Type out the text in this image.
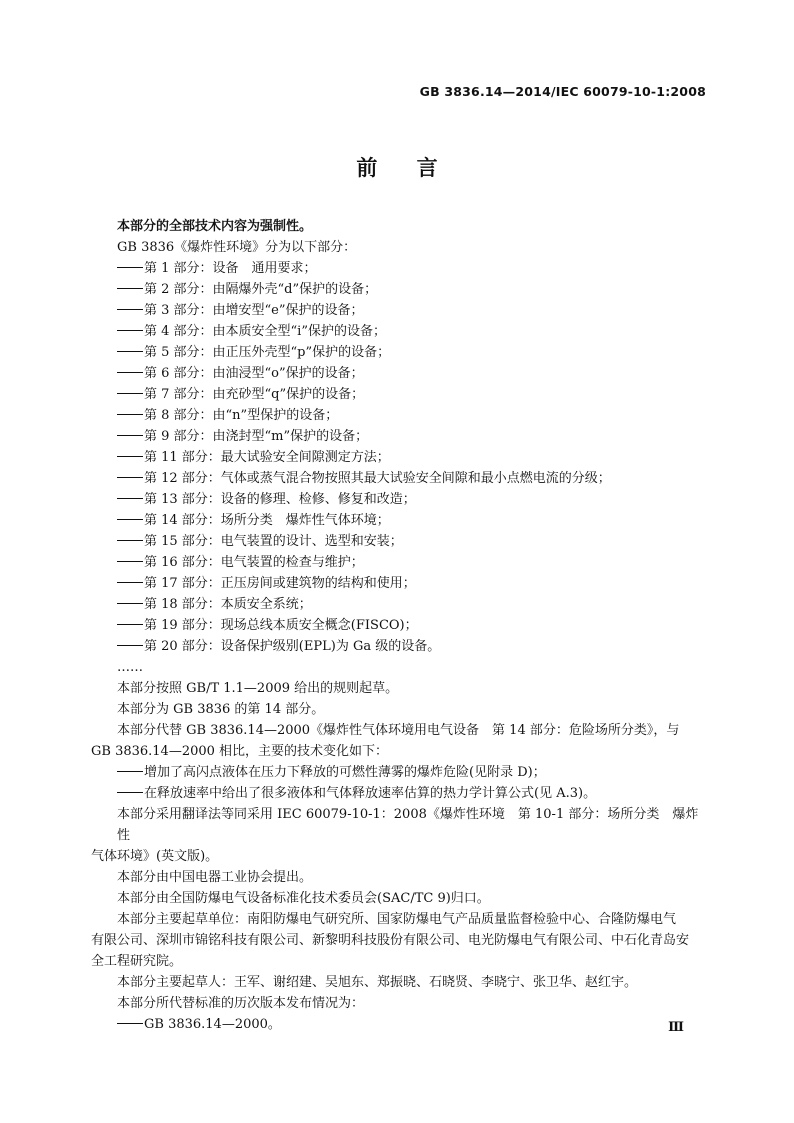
GB 3836.14—2014/IEC 60079-10-1:2008
前 言

本部分的全部技术内容为强制性。

GB 3836《爆炸性环境》分为以下部分：

第 1 部分：设备　通用要求；

第 2 部分：由隔爆外壳“d”保护的设备；

第 3 部分：由增安型“e”保护的设备；

第 4 部分：由本质安全型“i”保护的设备；

第 5 部分：由正压外壳型“p”保护的设备；

第 6 部分：由油浸型“o”保护的设备；

第 7 部分：由充砂型“q”保护的设备；

第 8 部分：由“n”型保护的设备；

第 9 部分：由浇封型“m”保护的设备；

第 11 部分：最大试验安全间隙测定方法；

第 12 部分：气体或蒸气混合物按照其最大试验安全间隙和最小点燃电流的分级；

第 13 部分：设备的修理、检修、修复和改造；

第 14 部分：场所分类　爆炸性气体环境；

第 15 部分：电气装置的设计、选型和安装；

第 16 部分：电气装置的检查与维护；

第 17 部分：正压房间或建筑物的结构和使用；

第 18 部分：本质安全系统；

第 19 部分：现场总线本质安全概念(FISCO)；

第 20 部分：设备保护级别(EPL)为 Ga 级的设备。

……

本部分按照 GB/T 1.1—2009 给出的规则起草。

本部分为 GB 3836 的第 14 部分。

本部分代替 GB 3836.14—2000《爆炸性气体环境用电气设备　第 14 部分：危险场所分类》，与

GB 3836.14—2000 相比，主要的技术变化如下：

增加了高闪点液体在压力下释放的可燃性薄雾的爆炸危险(见附录 D)；

在释放速率中给出了很多液体和气体释放速率估算的热力学计算公式(见 A.3)。

本部分采用翻译法等同采用 IEC 60079-10-1：2008《爆炸性环境　第 10-1 部分：场所分类　爆炸性

气体环境》(英文版)。

本部分由中国电器工业协会提出。

本部分由全国防爆电气设备标准化技术委员会(SAC/TC 9)归口。

本部分主要起草单位：南阳防爆电气研究所、国家防爆电气产品质量监督检验中心、合隆防爆电气

有限公司、深圳市锦铭科技有限公司、新黎明科技股份有限公司、电光防爆电气有限公司、中石化青岛安

全工程研究院。

本部分主要起草人：王军、谢绍建、吴旭东、郑振晓、石晓贤、李晓宁、张卫华、赵红宇。

本部分所代替标准的历次版本发布情况为：

GB 3836.14—2000。	Ⅲ
